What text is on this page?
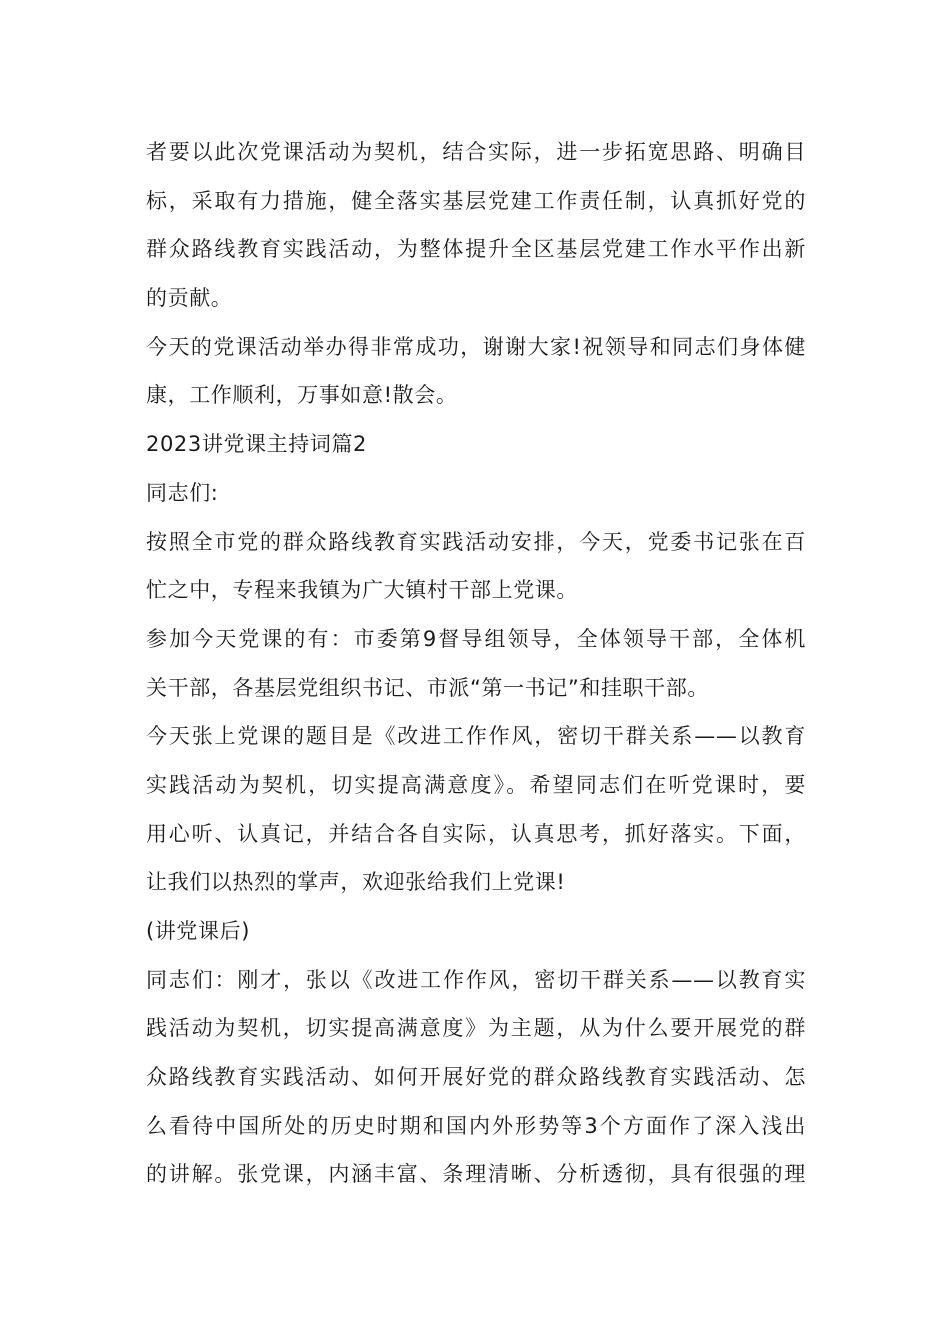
者要以此次党课活动为契机，结合实际，进一步拓宽思路、明确目
标，采取有力措施，健全落实基层党建工作责任制，认真抓好党的
群众路线教育实践活动，为整体提升全区基层党建工作水平作出新
的贡献。
今天的党课活动举办得非常成功，谢谢大家!祝领导和同志们身体健
康，工作顺利，万事如意!散会。
2023讲党课主持词篇2
同志们:
按照全市党的群众路线教育实践活动安排，今天，党委书记张在百
忙之中，专程来我镇为广大镇村干部上党课。
参加今天党课的有：市委第9督导组领导，全体领导干部，全体机
关干部，各基层党组织书记、市派“第一书记”和挂职干部。
今天张上党课的题目是《改进工作作风，密切干群关系——以教育
实践活动为契机，切实提高满意度》。希望同志们在听党课时，要
用心听、认真记，并结合各自实际，认真思考，抓好落实。下面，
让我们以热烈的掌声，欢迎张给我们上党课!
(讲党课后)
同志们：刚才，张以《改进工作作风，密切干群关系——以教育实
践活动为契机，切实提高满意度》为主题，从为什么要开展党的群
众路线教育实践活动、如何开展好党的群众路线教育实践活动、怎
么看待中国所处的历史时期和国内外形势等3个方面作了深入浅出
的讲解。张党课，内涵丰富、条理清晰、分析透彻，具有很强的理
